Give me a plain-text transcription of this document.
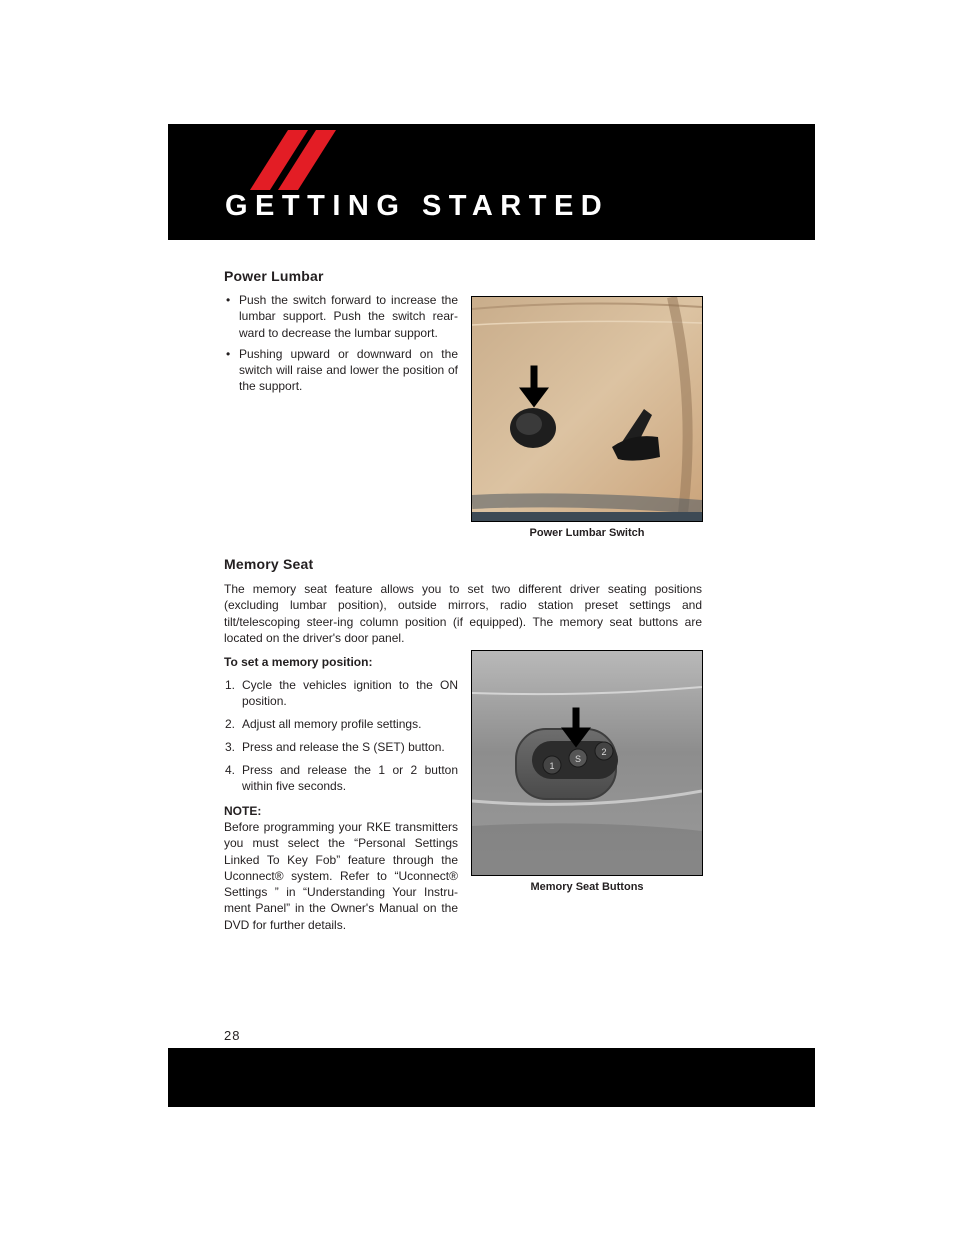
GETTING STARTED
Power Lumbar
• Push the switch forward to increase the lumbar support. Push the switch rear-ward to decrease the lumbar support.
• Pushing upward or downward on the switch will raise and lower the position of the support.
Power Lumbar Switch
Memory Seat

The memory seat feature allows you to set two different driver seating positions (excluding lumbar position), outside mirrors, radio station preset settings and tilt/telescoping steer-ing column position (if equipped). The memory seat buttons are located on the driver's door panel.

To set a memory position:
1. Cycle the vehicles ignition to the ON position.
2. Adjust all memory profile settings.
3. Press and release the S (SET) button.
4. Press and release the 1 or 2 button within five seconds.
NOTE:

Before programming your RKE transmitters you must select the “Personal Settings Linked To Key Fob” feature through the Uconnect® system. Refer to “Uconnect® Settings ” in “Understanding Your Instru-ment Panel” in the Owner's Manual on the DVD for further details.

1
S
2
Memory Seat Buttons
28
